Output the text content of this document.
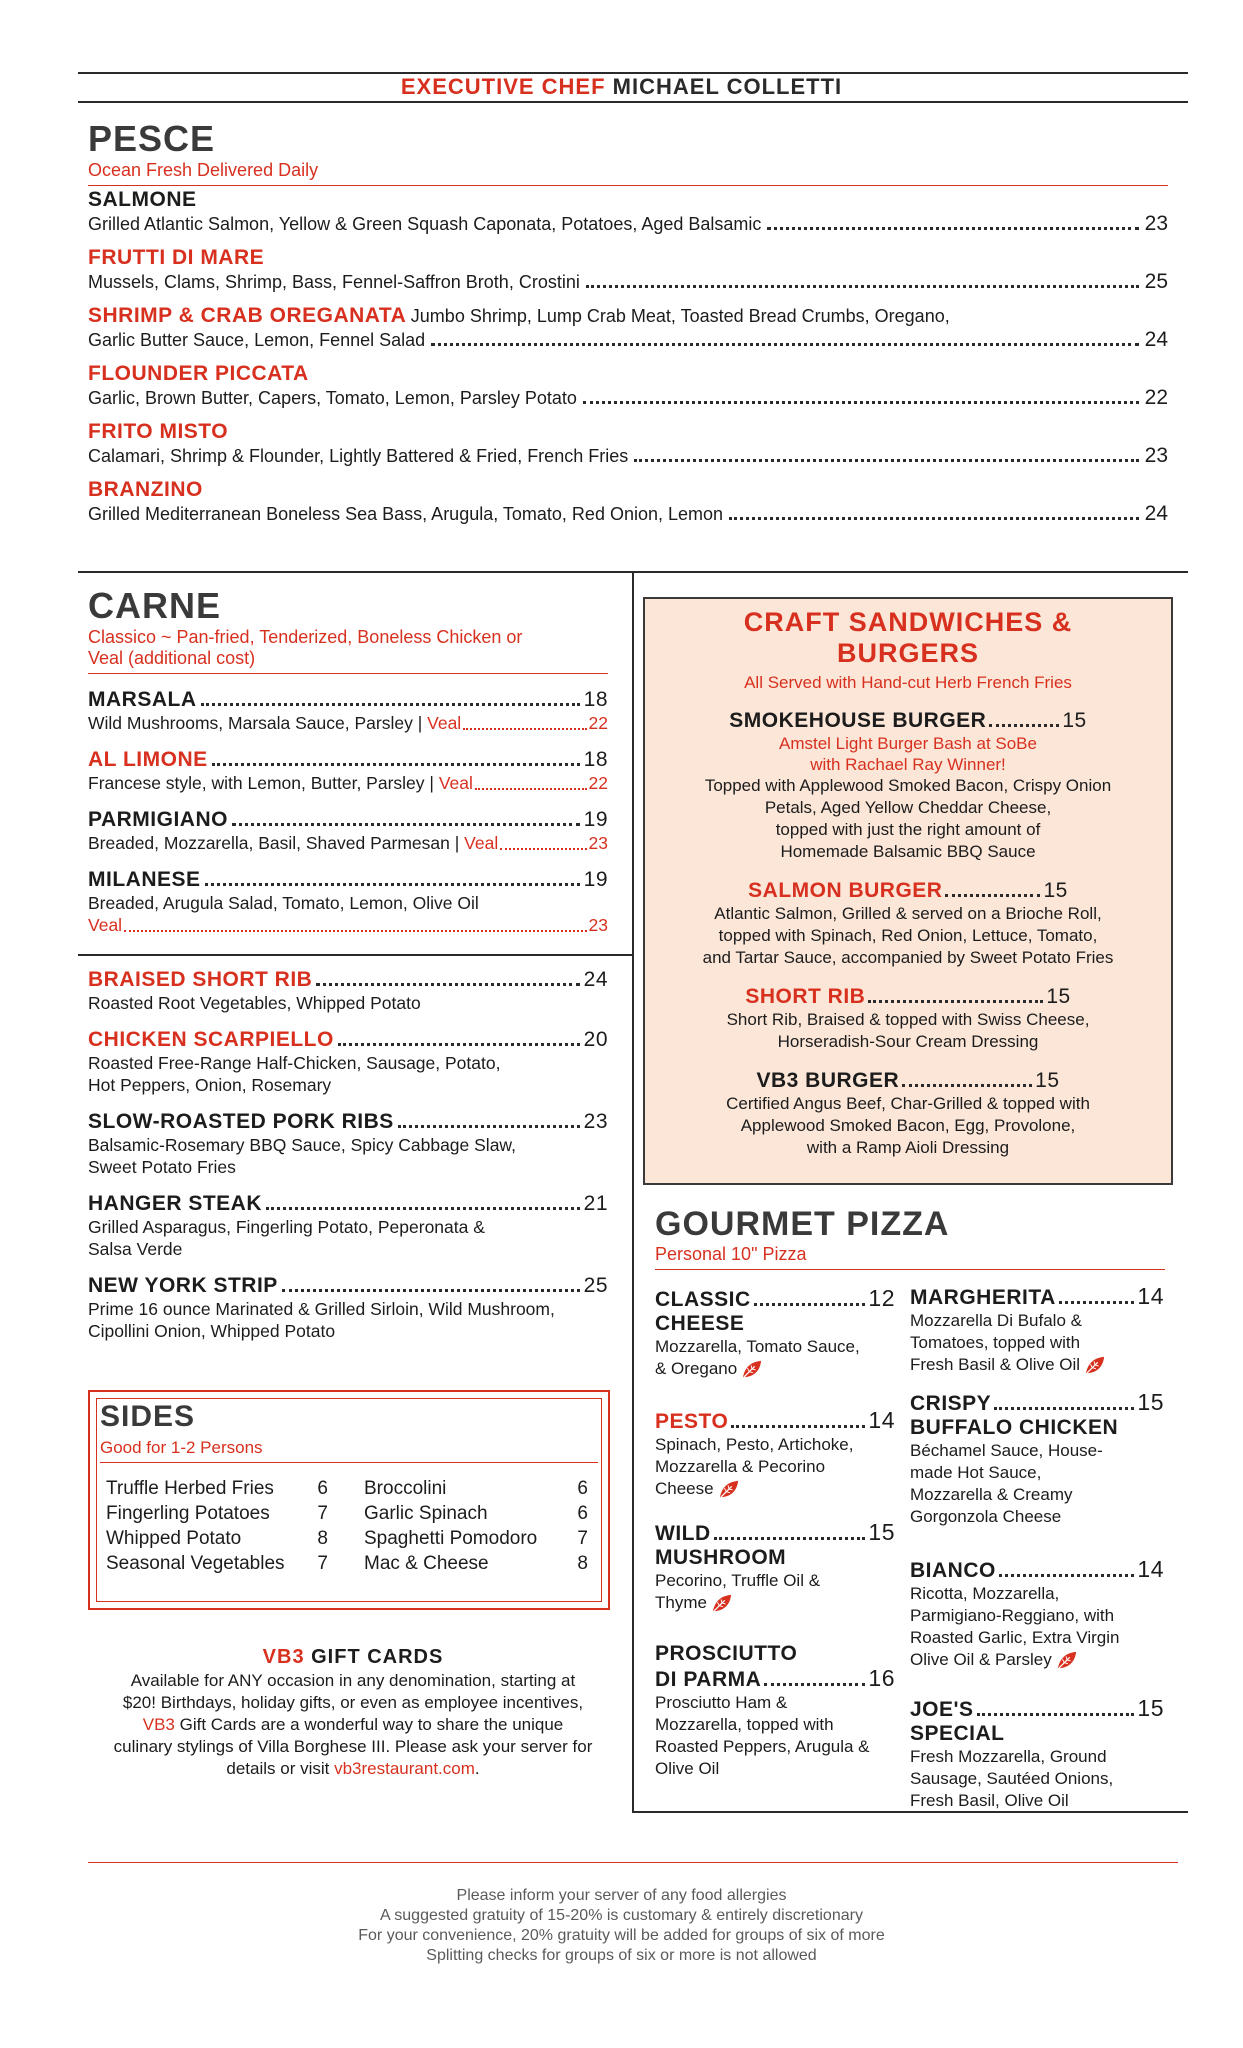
EXECUTIVE CHEF MICHAEL COLLETTI
PESCE
Ocean Fresh Delivered Daily
SALMONE
Grilled Atlantic Salmon, Yellow & Green Squash Caponata, Potatoes, Aged Balsamic	23
FRUTTI DI MARE
Mussels, Clams, Shrimp, Bass, Fennel-Saffron Broth, Crostini	25
SHRIMP & CRAB OREGANATA Jumbo Shrimp, Lump Crab Meat, Toasted Bread Crumbs, Oregano,
Garlic Butter Sauce, Lemon, Fennel Salad	24
FLOUNDER PICCATA
Garlic, Brown Butter, Capers, Tomato, Lemon, Parsley Potato	22
FRITO MISTO
Calamari, Shrimp & Flounder, Lightly Battered & Fried, French Fries	23
BRANZINO
Grilled Mediterranean Boneless Sea Bass, Arugula, Tomato, Red Onion, Lemon	24
CARNE
Classico ~ Pan-fried, Tenderized, Boneless Chicken or
Veal (additional cost)
MARSALA	18
Wild Mushrooms, Marsala Sauce, Parsley |
Veal	22
AL LIMONE	18
Francese style, with Lemon, Butter, Parsley |
Veal	22
PARMIGIANO	19
Breaded, Mozzarella, Basil, Shaved Parmesan |
Veal	23
MILANESE	19
Breaded, Arugula Salad, Tomato, Lemon, Olive Oil
Veal	23
BRAISED SHORT RIB	24
Roasted Root Vegetables, Whipped Potato
CHICKEN SCARPIELLO	20
Roasted Free-Range Half-Chicken, Sausage, Potato,
Hot Peppers, Onion, Rosemary
SLOW-ROASTED PORK RIBS	23
Balsamic-Rosemary BBQ Sauce, Spicy Cabbage Slaw,
Sweet Potato Fries
HANGER STEAK	21
Grilled Asparagus, Fingerling Potato, Peperonata &
Salsa Verde
NEW YORK STRIP	25
Prime 16 ounce Marinated & Grilled Sirloin, Wild Mushroom,
Cipollini Onion, Whipped Potato
SIDES
Good for 1-2 Persons
Truffle Herbed Fries 6
Fingerling Potatoes	7
Whipped Potato	8
Seasonal Vegetables 7
Broccolini	6
Garlic Spinach	6
Spaghetti Pomodoro 7
Mac & Cheese	8
VB3 GIFT CARDS
Available for ANY occasion in any denomination, starting at
$20! Birthdays, holiday gifts, or even as employee incentives,
VB3 Gift Cards are a wonderful way to share the unique
culinary stylings of Villa Borghese III. Please ask your server for
details or visit vb3restaurant.com.
CRAFT SANDWICHES &
BURGERS
All Served with Hand-cut Herb French Fries
SMOKEHOUSE BURGER	15
Amstel Light Burger Bash at SoBe
with Rachael Ray Winner!
Topped with Applewood Smoked Bacon, Crispy Onion
Petals, Aged Yellow Cheddar Cheese,
topped with just the right amount of
Homemade Balsamic BBQ Sauce
SALMON BURGER	15
Atlantic Salmon, Grilled & served on a Brioche Roll,
topped with Spinach, Red Onion, Lettuce, Tomato,
and Tartar Sauce, accompanied by Sweet Potato Fries
SHORT RIB	15
Short Rib, Braised & topped with Swiss Cheese,
Horseradish-Sour Cream Dressing
VB3 BURGER	15
Certified Angus Beef, Char-Grilled & topped with
Applewood Smoked Bacon, Egg, Provolone,
with a Ramp Aioli Dressing
GOURMET PIZZA
Personal 10" Pizza
CLASSIC	12
CHEESE
Mozzarella, Tomato Sauce,
& Oregano
PESTO	14
Spinach, Pesto, Artichoke,
Mozzarella & Pecorino
Cheese
WILD	15
MUSHROOM
Pecorino, Truffle Oil &
Thyme
PROSCIUTTO
DI PARMA	16
Prosciutto Ham &
Mozzarella, topped with
Roasted Peppers, Arugula &
Olive Oil
MARGHERITA	14
Mozzarella Di Bufalo &
Tomatoes, topped with
Fresh Basil & Olive Oil
CRISPY	15
BUFFALO CHICKEN
Béchamel Sauce, House-
made Hot Sauce,
Mozzarella & Creamy
Gorgonzola Cheese
BIANCO	14
Ricotta, Mozzarella,
Parmigiano-Reggiano, with
Roasted Garlic, Extra Virgin
Olive Oil & Parsley
JOE'S	15
SPECIAL
Fresh Mozzarella, Ground
Sausage, Sautéed Onions,
Fresh Basil, Olive Oil
Please inform your server of any food allergies
A suggested gratuity of 15-20% is customary & entirely discretionary
For your convenience, 20% gratuity will be added for groups of six of more
Splitting checks for groups of six or more is not allowed
